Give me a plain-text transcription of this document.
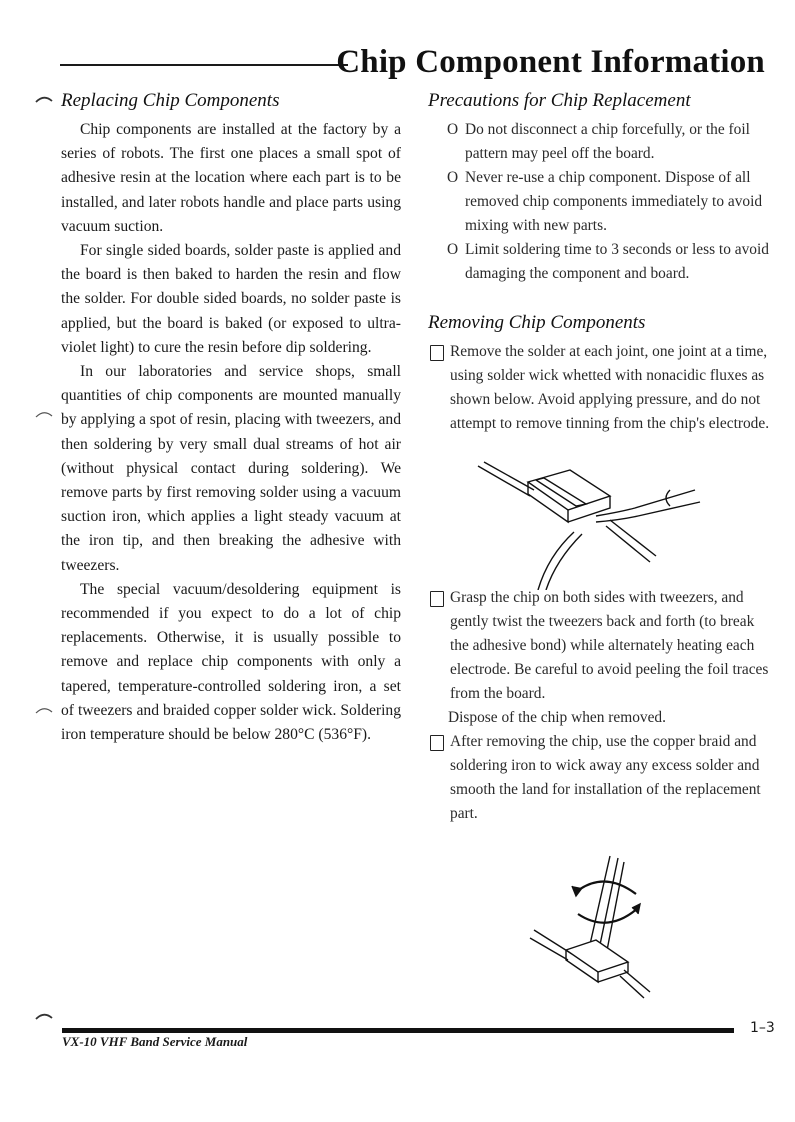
Chip Component Information
Replacing Chip Components

Chip components are installed at the factory by a series of robots. The first one places a small spot of adhesive resin at the location where each part is to be installed, and later robots handle and place parts using vacuum suction.

For single sided boards, solder paste is applied and the board is then baked to harden the resin and flow the solder. For double sided boards, no solder paste is applied, but the board is baked (or exposed to ultra-violet light) to cure the resin before dip soldering.

In our laboratories and service shops, small quantities of chip components are mounted manually by applying a spot of resin, placing with tweezers, and then soldering by very small dual streams of hot air (without physical contact during soldering). We remove parts by first removing solder using a vacuum suction iron, which applies a light steady vacuum at the iron tip, and then breaking the adhesive with tweezers.

The special vacuum/desoldering equipment is recommended if you expect to do a lot of chip replacements. Otherwise, it is usually possible to remove and replace chip components with only a tapered, temperature-controlled soldering iron, a set of tweezers and braided copper solder wick. Soldering iron temperature should be below 280°C (536°F).

Precautions for Chip Replacement
O Do not disconnect a chip forcefully, or the foil pattern may peel off the board.
O Never re-use a chip component. Dispose of all removed chip components immediately to avoid mixing with new parts.
O Limit soldering time to 3 seconds or less to avoid damaging the component and board.
Removing Chip Components
Remove the solder at each joint, one joint at a time, using solder wick whetted with nonacidic fluxes as shown below. Avoid applying pressure, and do not attempt to remove tinning from the chip's electrode.
Grasp the chip on both sides with tweezers, and gently twist the tweezers back and forth (to break the adhesive bond) while alternately heating each electrode. Be careful to avoid peeling the foil traces from the board.

Dispose of the chip when removed.

After removing the chip, use the copper braid and soldering iron to wick away any excess solder and smooth the land for installation of the replacement part.
VX-10 VHF Band Service Manual
1–3
